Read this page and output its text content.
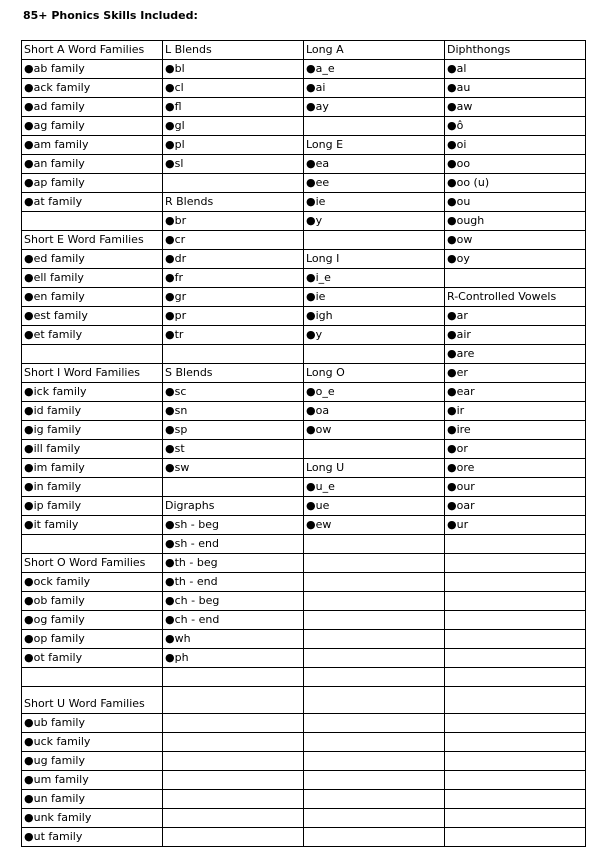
85+ Phonics Skills Included:
Short A Word Families	L Blends	Long A	Diphthongs
●ab family	●bl	●a_e	●al
●ack family	●cl	●ai	●au
●ad family	●fl	●ay	●aw
●ag family	●gl		●ô
●am family	●pl	Long E	●oi
●an family	●sl	●ea	●oo
●ap family		●ee	●oo (u)
●at family	R Blends	●ie	●ou
	●br	●y	●ough
Short E Word Families	●cr		●ow
●ed family	●dr	Long I	●oy
●ell family	●fr	●i_e	
●en family	●gr	●ie	R-Controlled Vowels
●est family	●pr	●igh	●ar
●et family	●tr	●y	●air
			●are
Short I Word Families	S Blends	Long O	●er
●ick family	●sc	●o_e	●ear
●id family	●sn	●oa	●ir
●ig family	●sp	●ow	●ire
●ill family	●st		●or
●im family	●sw	Long U	●ore
●in family		●u_e	●our
●ip family	Digraphs	●ue	●oar
●it family	●sh - beg	●ew	●ur
	●sh - end		
Short O Word Families	●th - beg		
●ock family	●th - end		
●ob family	●ch - beg		
●og family	●ch - end		
●op family	●wh		
●ot family	●ph		

Short U Word Families			
●ub family			
●uck family			
●ug family			
●um family			
●un family			
●unk family			
●ut family			
